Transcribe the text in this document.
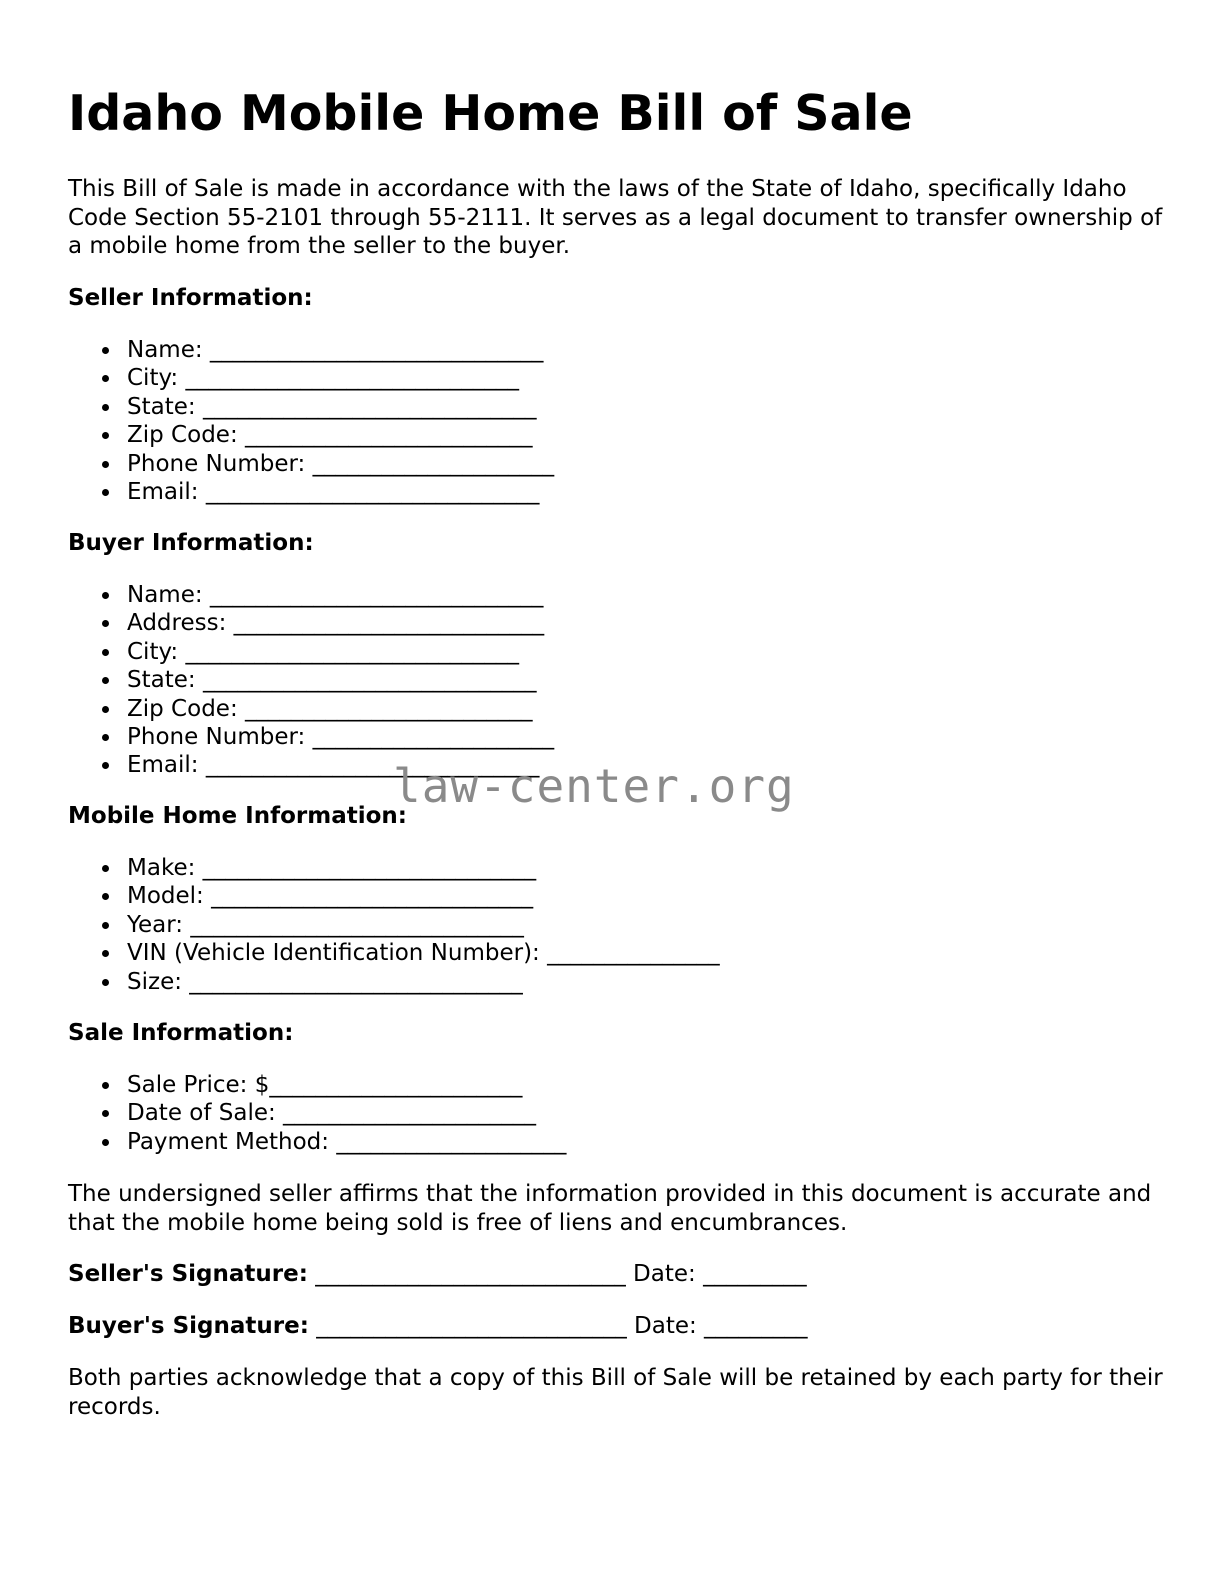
Idaho Mobile Home Bill of Sale

This Bill of Sale is made in accordance with the laws of the State of Idaho, specifically Idaho Code Section 55-2101 through 55-2111. It serves as a legal document to transfer ownership of a mobile home from the seller to the buyer.

Seller Information:

Name: _____________________________
City: _____________________________
State: _____________________________
Zip Code: _________________________
Phone Number: _____________________
Email: _____________________________

Buyer Information:

Name: _____________________________
Address: ___________________________
City: _____________________________
State: _____________________________
Zip Code: _________________________
Phone Number: _____________________
Email: _____________________________

Mobile Home Information:

Make: _____________________________
Model: ____________________________
Year: _____________________________
VIN (Vehicle Identification Number): _______________
Size: _____________________________

Sale Information:

Sale Price: $______________________
Date of Sale: ______________________
Payment Method: ____________________

The undersigned seller affirms that the information provided in this document is accurate and that the mobile home being sold is free of liens and encumbrances.

Seller's Signature: ___________________________ Date: _________

Buyer's Signature: ___________________________ Date: _________

Both parties acknowledge that a copy of this Bill of Sale will be retained by each party for their records.

law-center.org
